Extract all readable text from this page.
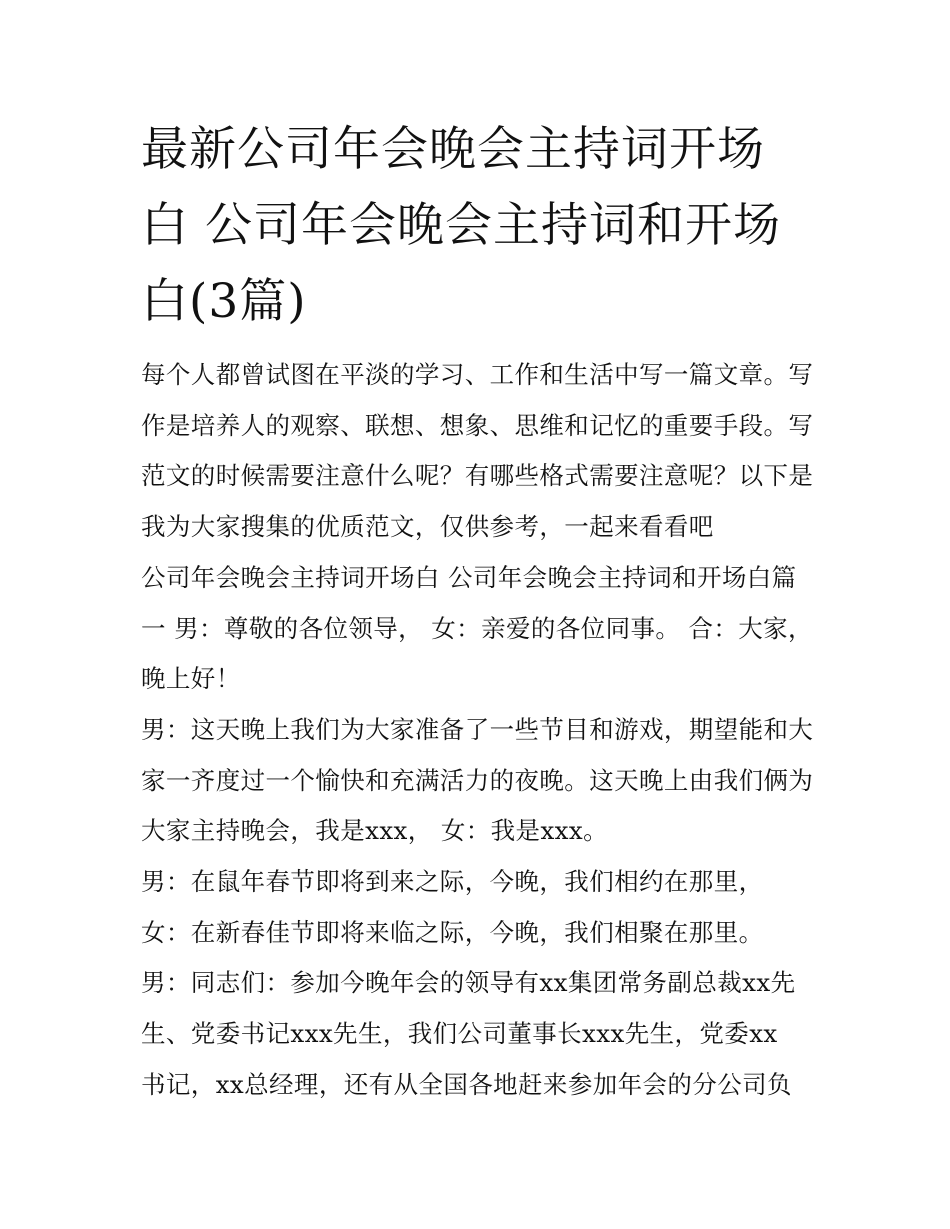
最新公司年会晚会主持词开场
白 公司年会晚会主持词和开场
白(3篇)

每个人都曾试图在平淡的学习、工作和生活中写一篇文章。写
作是培养人的观察、联想、想象、思维和记忆的重要手段。写
范文的时候需要注意什么呢？有哪些格式需要注意呢？以下是
我为大家搜集的优质范文，仅供参考，一起来看看吧

公司年会晚会主持词开场白 公司年会晚会主持词和开场白篇
一 男：尊敬的各位领导， 女：亲爱的各位同事。 合：大家，
晚上好！

男：这天晚上我们为大家准备了一些节目和游戏，期望能和大
家一齐度过一个愉快和充满活力的夜晚。这天晚上由我们俩为
大家主持晚会，我是xxx， 女：我是xxx。

男：在鼠年春节即将到来之际，今晚，我们相约在那里，

女：在新春佳节即将来临之际，今晚，我们相聚在那里。

男：同志们：参加今晚年会的领导有xx集团常务副总裁xx先
生、党委书记xxx先生，我们公司董事长xxx先生，党委xx
书记，xx总经理，还有从全国各地赶来参加年会的分公司负
